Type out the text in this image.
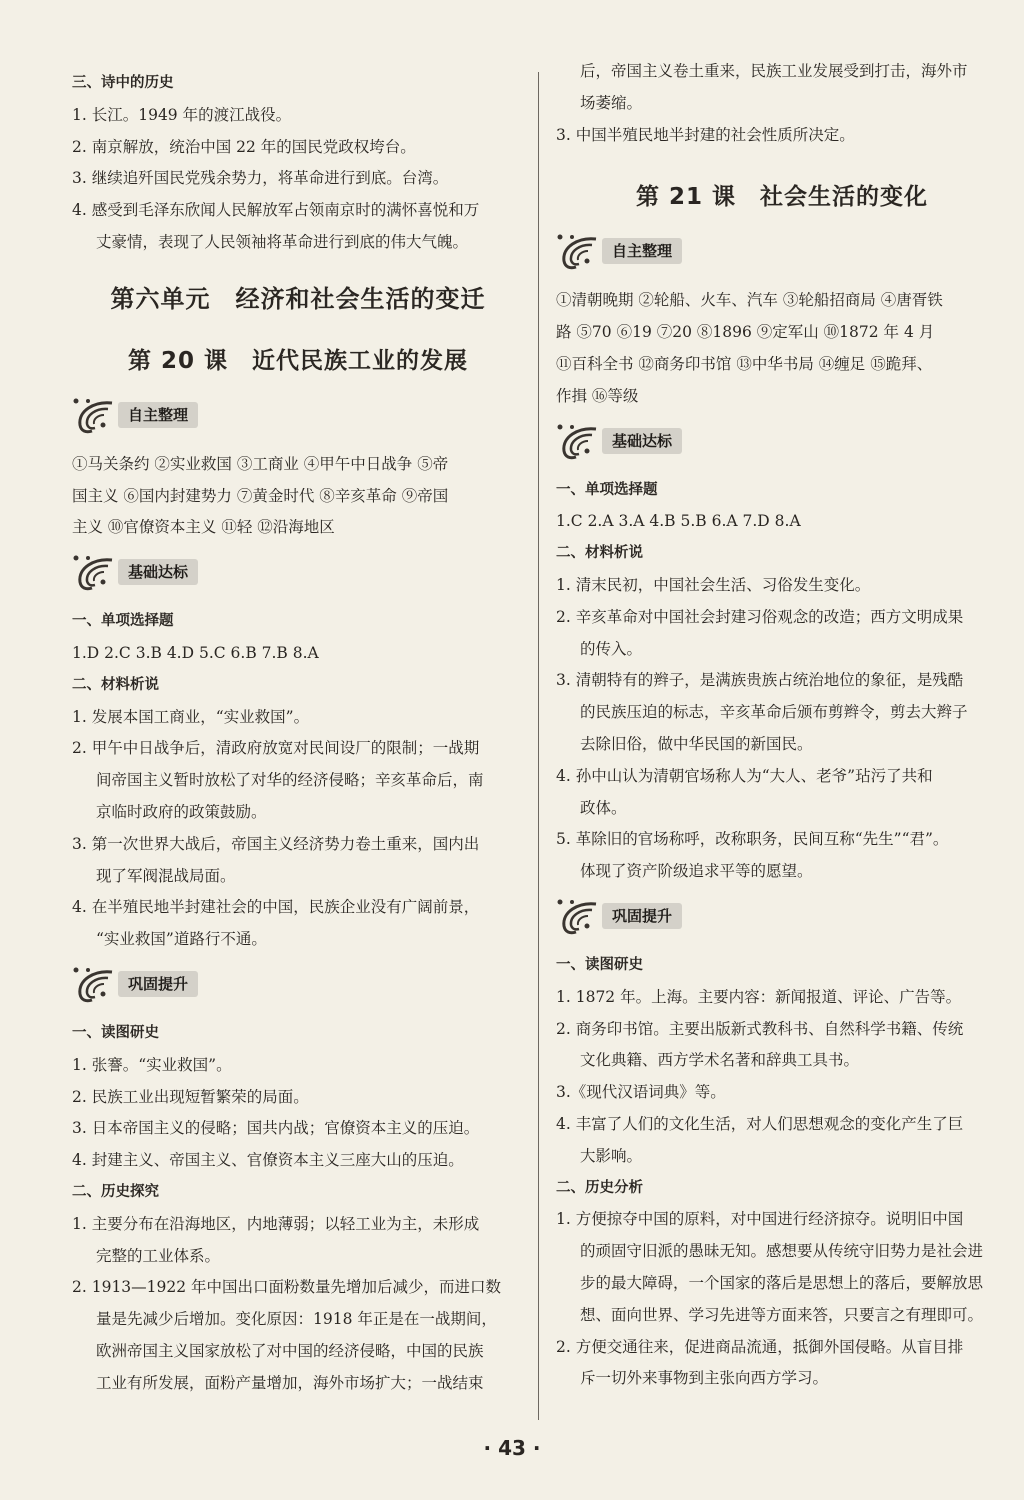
三、诗中的历史
1. 长江。1949 年的渡江战役。
2. 南京解放，统治中国 22 年的国民党政权垮台。
3. 继续追歼国民党残余势力，将革命进行到底。台湾。
4. 感受到毛泽东欣闻人民解放军占领南京时的满怀喜悦和万
丈豪情，表现了人民领袖将革命进行到底的伟大气魄。
第六单元　经济和社会生活的变迁
第 20 课　近代民族工业的发展
自主整理
①马关条约 ②实业救国 ③工商业 ④甲午中日战争 ⑤帝
国主义 ⑥国内封建势力 ⑦黄金时代 ⑧辛亥革命 ⑨帝国
主义 ⑩官僚资本主义 ⑪轻 ⑫沿海地区
基础达标
一、单项选择题
1.D 2.C 3.B 4.D 5.C 6.B 7.B 8.A
二、材料析说
1. 发展本国工商业，“实业救国”。
2. 甲午中日战争后，清政府放宽对民间设厂的限制；一战期
间帝国主义暂时放松了对华的经济侵略；辛亥革命后，南
京临时政府的政策鼓励。
3. 第一次世界大战后，帝国主义经济势力卷土重来，国内出
现了军阀混战局面。
4. 在半殖民地半封建社会的中国，民族企业没有广阔前景，
“实业救国”道路行不通。
巩固提升
一、读图研史
1. 张謇。“实业救国”。
2. 民族工业出现短暂繁荣的局面。
3. 日本帝国主义的侵略；国共内战；官僚资本主义的压迫。
4. 封建主义、帝国主义、官僚资本主义三座大山的压迫。
二、历史探究
1. 主要分布在沿海地区，内地薄弱；以轻工业为主，未形成
完整的工业体系。
2. 1913—1922 年中国出口面粉数量先增加后减少，而进口数
量是先减少后增加。变化原因：1918 年正是在一战期间，
欧洲帝国主义国家放松了对中国的经济侵略，中国的民族
工业有所发展，面粉产量增加，海外市场扩大；一战结束
后，帝国主义卷土重来，民族工业发展受到打击，海外市
场萎缩。
3. 中国半殖民地半封建的社会性质所决定。
第 21 课　社会生活的变化
自主整理
①清朝晚期 ②轮船、火车、汽车 ③轮船招商局 ④唐胥铁
路 ⑤70 ⑥19 ⑦20 ⑧1896 ⑨定军山 ⑩1872 年 4 月
⑪百科全书 ⑫商务印书馆 ⑬中华书局 ⑭缠足 ⑮跪拜、
作揖 ⑯等级
基础达标
一、单项选择题
1.C 2.A 3.A 4.B 5.B 6.A 7.D 8.A
二、材料析说
1. 清末民初，中国社会生活、习俗发生变化。
2. 辛亥革命对中国社会封建习俗观念的改造；西方文明成果
的传入。
3. 清朝特有的辫子，是满族贵族占统治地位的象征，是残酷
的民族压迫的标志，辛亥革命后颁布剪辫令，剪去大辫子
去除旧俗，做中华民国的新国民。
4. 孙中山认为清朝官场称人为“大人、老爷”玷污了共和
政体。
5. 革除旧的官场称呼，改称职务，民间互称“先生”“君”。
体现了资产阶级追求平等的愿望。
巩固提升
一、读图研史
1. 1872 年。上海。主要内容：新闻报道、评论、广告等。
2. 商务印书馆。主要出版新式教科书、自然科学书籍、传统
文化典籍、西方学术名著和辞典工具书。
3.《现代汉语词典》等。
4. 丰富了人们的文化生活，对人们思想观念的变化产生了巨
大影响。
二、历史分析
1. 方便掠夺中国的原料，对中国进行经济掠夺。说明旧中国
的顽固守旧派的愚昧无知。感想要从传统守旧势力是社会进
步的最大障碍，一个国家的落后是思想上的落后，要解放思
想、面向世界、学习先进等方面来答，只要言之有理即可。
2. 方便交通往来，促进商品流通，抵御外国侵略。从盲目排
斥一切外来事物到主张向西方学习。
· 43 ·
